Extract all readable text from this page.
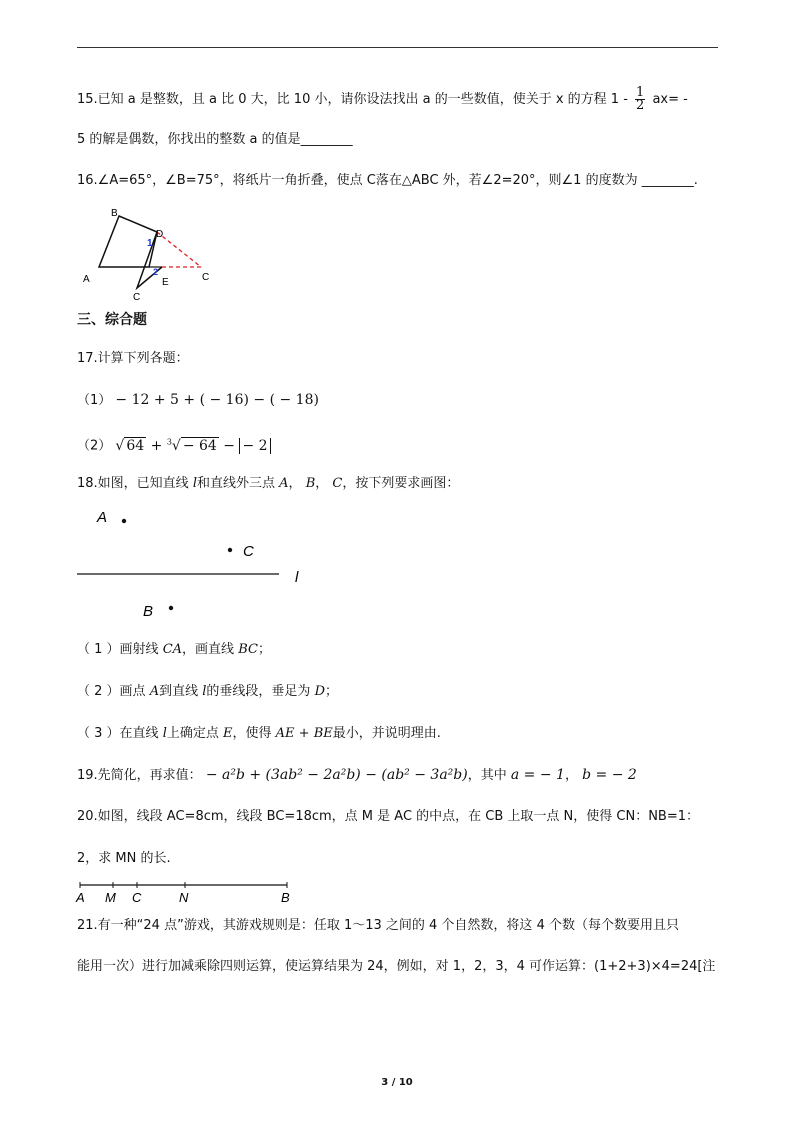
15.已知 a 是整数，且 a 比 0 大，比 10 小，请你设法找出 a 的一些数值，使关于 x 的方程 $1 - \frac{1}{2} ax=$ -
5 的解是偶数，你找出的整数 a 的值是________
16.∠A=65°，∠B=75°，将纸片一角折叠，使点 C落在△ABC 外，若∠2=20°，则∠1 的度数为 ________.
B
D
1
2
A	E	C
C
三、综合题
17.计算下列各题：
（1） − 12 + 5 + ( − 16) − ( − 18)
（2） √ 64 + $^3$√ − 64 − − 2
18.如图，已知直线 l和直线外三点 A， B， C，按下列要求画图：
A
C
l
B
（ 1 ）画射线 CA，画直线 BC；
（ 2 ）画点 A到直线 l的垂线段，垂足为 D；
（ 3 ）在直线 l上确定点 E，使得 AE + BE最小，并说明理由.
19.先简化，再求值： − a²b + (3ab² − 2a²b) − (ab² − 3a²b)，其中 a = − 1， b = − 2
20.如图，线段 AC=8cm，线段 BC=18cm，点 M 是 AC 的中点，在 CB 上取一点 N，使得 CN：NB=1：
2，求 MN 的长.
A M C	N	B
21.有一种“24 点”游戏，其游戏规则是：任取 1～13 之间的 4 个自然数，将这 4 个数（每个数要用且只
能用一次）进行加减乘除四则运算，使运算结果为 24，例如，对 1，2，3，4 可作运算：(1+2+3)×4=24[注
3 / 10
